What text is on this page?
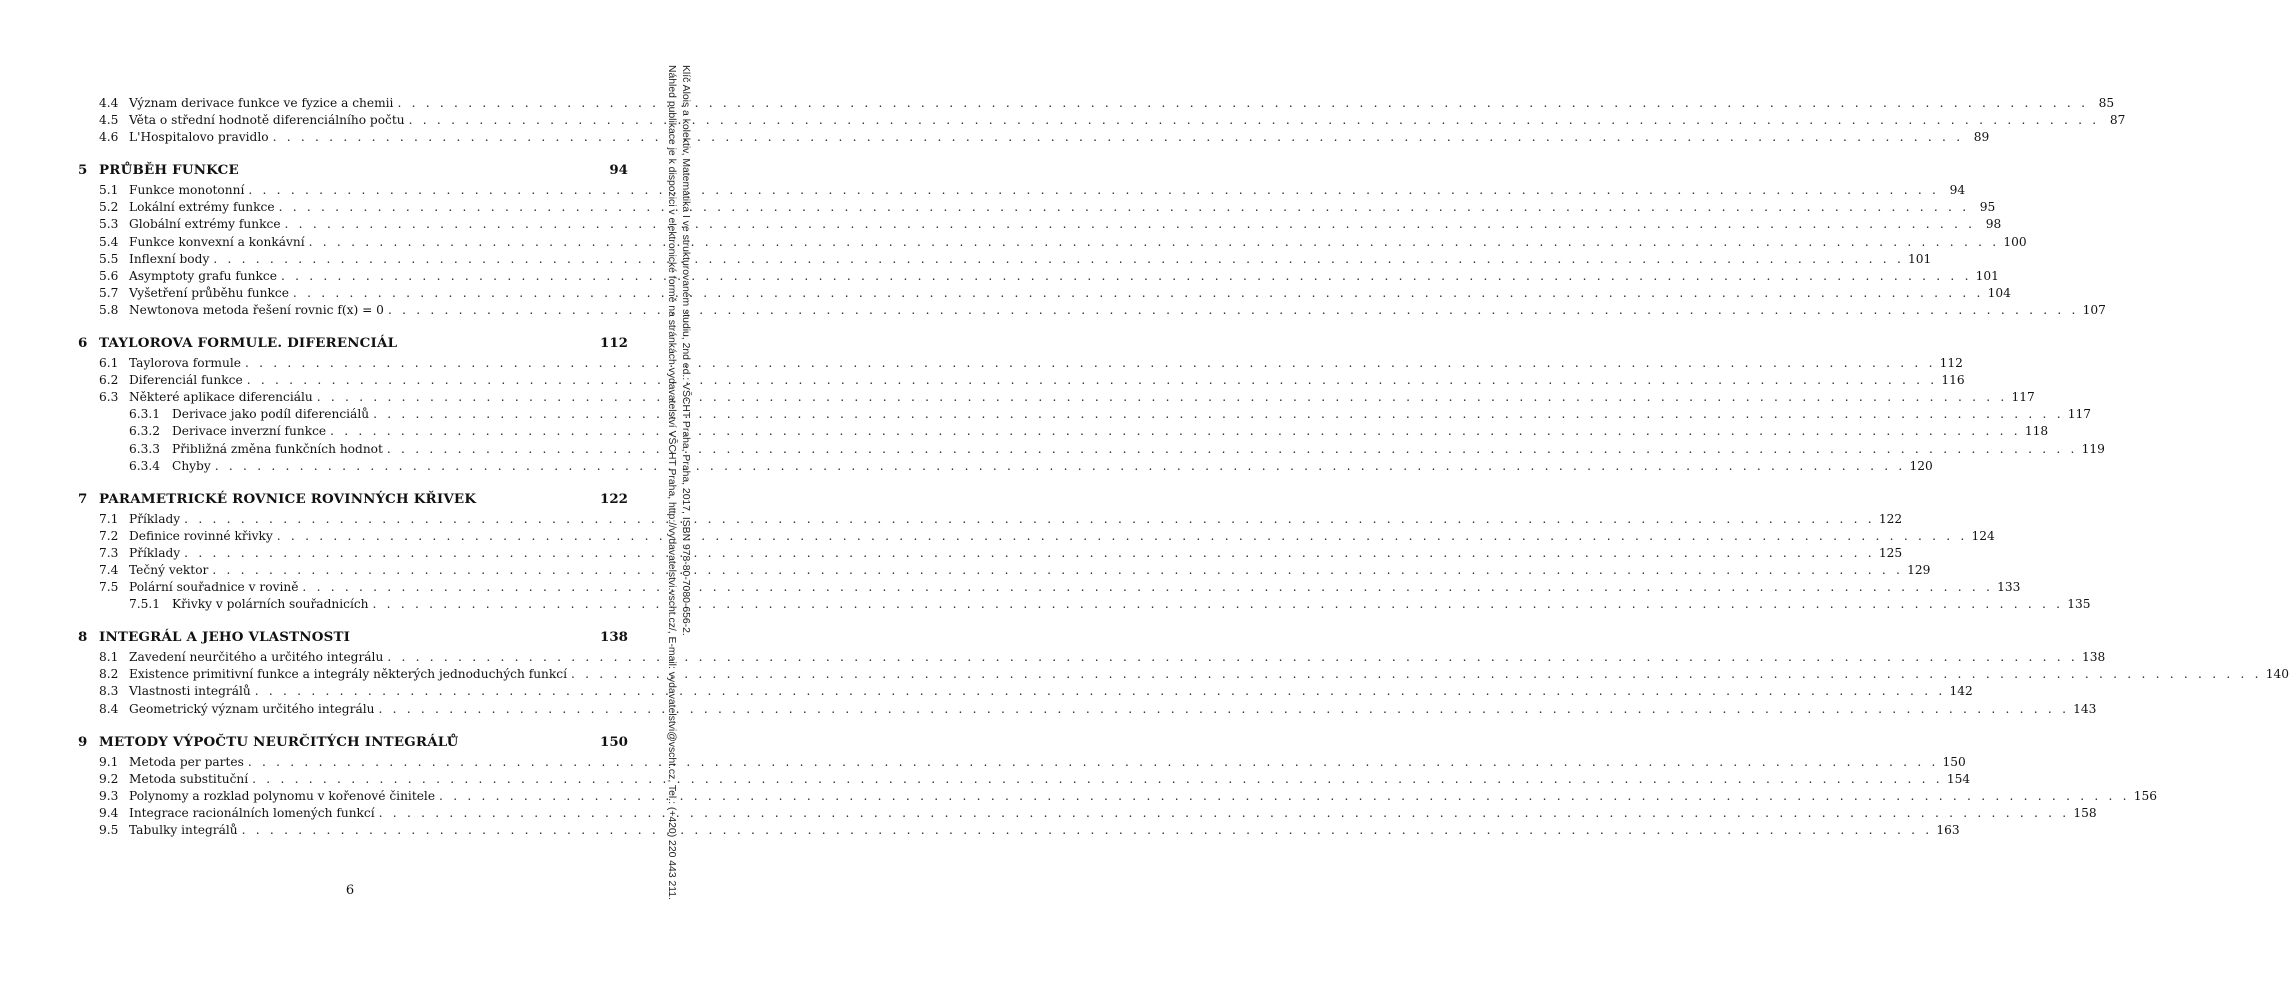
4.4 Význam derivace funkce ve fyzice a chemii . . . . . . . . . . . . . . . . . . . . . . . . . . . . . . . . . . . . . . . . . . . . . . . . . . . . . . . . . . . . . . . . . . . . . . . . . . . . . . . . . . . . . . . . . . . . . . . . . . . . . . . . . . . . . . . . . . . . . . . . 85
4.5 Věta o střední hodnotě diferenciálního počtu . . . . . . . . . . . . . . . . . . . . . . . . . . . . . . . . . . . . . . . . . . . . . . . . . . . . . . . . . . . . . . . . . . . . . . . . . . . . . . . . . . . . . . . . . . . . . . . . . . . . . . . . . . . . . . . . . . . . . . . . 87
4.6 L'Hospitalovo pravidlo . . . . . . . . . . . . . . . . . . . . . . . . . . . . . . . . . . . . . . . . . . . . . . . . . . . . . . . . . . . . . . . . . . . . . . . . . . . . . . . . . . . . . . . . . . . . . . . . . . . . . . . . . . . . . . . . . . . . . . . . 89
5 PRŮBĚH FUNKCE	94
5.1 Funkce monotonní . . . . . . . . . . . . . . . . . . . . . . . . . . . . . . . . . . . . . . . . . . . . . . . . . . . . . . . . . . . . . . . . . . . . . . . . . . . . . . . . . . . . . . . . . . . . . . . . . . . . . . . . . . . . . . . . . . . . . . . . 94
5.2 Lokální extrémy funkce . . . . . . . . . . . . . . . . . . . . . . . . . . . . . . . . . . . . . . . . . . . . . . . . . . . . . . . . . . . . . . . . . . . . . . . . . . . . . . . . . . . . . . . . . . . . . . . . . . . . . . . . . . . . . . . . . . . . . . . . 95
5.3 Globální extrémy funkce . . . . . . . . . . . . . . . . . . . . . . . . . . . . . . . . . . . . . . . . . . . . . . . . . . . . . . . . . . . . . . . . . . . . . . . . . . . . . . . . . . . . . . . . . . . . . . . . . . . . . . . . . . . . . . . . . . . . . . . . 98
5.4 Funkce konvexní a konkávní . . . . . . . . . . . . . . . . . . . . . . . . . . . . . . . . . . . . . . . . . . . . . . . . . . . . . . . . . . . . . . . . . . . . . . . . . . . . . . . . . . . . . . . . . . . . . . . . . . . . . . . . . . . . . . . . . . . . . . . . 100
5.5 Inflexní body . . . . . . . . . . . . . . . . . . . . . . . . . . . . . . . . . . . . . . . . . . . . . . . . . . . . . . . . . . . . . . . . . . . . . . . . . . . . . . . . . . . . . . . . . . . . . . . . . . . . . . . . . . . . . . . . . . . . . . . . 101
5.6 Asymptoty grafu funkce . . . . . . . . . . . . . . . . . . . . . . . . . . . . . . . . . . . . . . . . . . . . . . . . . . . . . . . . . . . . . . . . . . . . . . . . . . . . . . . . . . . . . . . . . . . . . . . . . . . . . . . . . . . . . . . . . . . . . . . . 101
5.7 Vyšetření průběhu funkce . . . . . . . . . . . . . . . . . . . . . . . . . . . . . . . . . . . . . . . . . . . . . . . . . . . . . . . . . . . . . . . . . . . . . . . . . . . . . . . . . . . . . . . . . . . . . . . . . . . . . . . . . . . . . . . . . . . . . . . . 104
5.8 Newtonova metoda řešení rovnic f(x) = 0 . . . . . . . . . . . . . . . . . . . . . . . . . . . . . . . . . . . . . . . . . . . . . . . . . . . . . . . . . . . . . . . . . . . . . . . . . . . . . . . . . . . . . . . . . . . . . . . . . . . . . . . . . . . . . . . . . . . . . . . . 107
6 TAYLOROVA FORMULE. DIFERENCIÁL	112
6.1 Taylorova formule . . . . . . . . . . . . . . . . . . . . . . . . . . . . . . . . . . . . . . . . . . . . . . . . . . . . . . . . . . . . . . . . . . . . . . . . . . . . . . . . . . . . . . . . . . . . . . . . . . . . . . . . . . . . . . . . . . . . . . . . 112
6.2 Diferenciál funkce . . . . . . . . . . . . . . . . . . . . . . . . . . . . . . . . . . . . . . . . . . . . . . . . . . . . . . . . . . . . . . . . . . . . . . . . . . . . . . . . . . . . . . . . . . . . . . . . . . . . . . . . . . . . . . . . . . . . . . . . 116
6.3 Některé aplikace diferenciálu . . . . . . . . . . . . . . . . . . . . . . . . . . . . . . . . . . . . . . . . . . . . . . . . . . . . . . . . . . . . . . . . . . . . . . . . . . . . . . . . . . . . . . . . . . . . . . . . . . . . . . . . . . . . . . . . . . . . . . . . 117
6.3.1 Derivace jako podíl diferenciálů . . . . . . . . . . . . . . . . . . . . . . . . . . . . . . . . . . . . . . . . . . . . . . . . . . . . . . . . . . . . . . . . . . . . . . . . . . . . . . . . . . . . . . . . . . . . . . . . . . . . . . . . . . . . . . . . . . . . . . . . 117
6.3.2 Derivace inverzní funkce . . . . . . . . . . . . . . . . . . . . . . . . . . . . . . . . . . . . . . . . . . . . . . . . . . . . . . . . . . . . . . . . . . . . . . . . . . . . . . . . . . . . . . . . . . . . . . . . . . . . . . . . . . . . . . . . . . . . . . . . 118
6.3.3 Přibližná změna funkčních hodnot . . . . . . . . . . . . . . . . . . . . . . . . . . . . . . . . . . . . . . . . . . . . . . . . . . . . . . . . . . . . . . . . . . . . . . . . . . . . . . . . . . . . . . . . . . . . . . . . . . . . . . . . . . . . . . . . . . . . . . . . 119
6.3.4 Chyby . . . . . . . . . . . . . . . . . . . . . . . . . . . . . . . . . . . . . . . . . . . . . . . . . . . . . . . . . . . . . . . . . . . . . . . . . . . . . . . . . . . . . . . . . . . . . . . . . . . . . . . . . . . . . . . . . . . . . . . . 120
7 PARAMETRICKÉ ROVNICE ROVINNÝCH KŘIVEK	122
7.1 Příklady . . . . . . . . . . . . . . . . . . . . . . . . . . . . . . . . . . . . . . . . . . . . . . . . . . . . . . . . . . . . . . . . . . . . . . . . . . . . . . . . . . . . . . . . . . . . . . . . . . . . . . . . . . . . . . . . . . . . . . . . 122
7.2 Definice rovinné křivky . . . . . . . . . . . . . . . . . . . . . . . . . . . . . . . . . . . . . . . . . . . . . . . . . . . . . . . . . . . . . . . . . . . . . . . . . . . . . . . . . . . . . . . . . . . . . . . . . . . . . . . . . . . . . . . . . . . . . . . . 124
7.3 Příklady . . . . . . . . . . . . . . . . . . . . . . . . . . . . . . . . . . . . . . . . . . . . . . . . . . . . . . . . . . . . . . . . . . . . . . . . . . . . . . . . . . . . . . . . . . . . . . . . . . . . . . . . . . . . . . . . . . . . . . . . 125
7.4 Tečný vektor . . . . . . . . . . . . . . . . . . . . . . . . . . . . . . . . . . . . . . . . . . . . . . . . . . . . . . . . . . . . . . . . . . . . . . . . . . . . . . . . . . . . . . . . . . . . . . . . . . . . . . . . . . . . . . . . . . . . . . . . 129
7.5 Polární souřadnice v rovině . . . . . . . . . . . . . . . . . . . . . . . . . . . . . . . . . . . . . . . . . . . . . . . . . . . . . . . . . . . . . . . . . . . . . . . . . . . . . . . . . . . . . . . . . . . . . . . . . . . . . . . . . . . . . . . . . . . . . . . . 133
7.5.1 Křivky v polárních souřadnicích . . . . . . . . . . . . . . . . . . . . . . . . . . . . . . . . . . . . . . . . . . . . . . . . . . . . . . . . . . . . . . . . . . . . . . . . . . . . . . . . . . . . . . . . . . . . . . . . . . . . . . . . . . . . . . . . . . . . . . . . 135
8 INTEGRÁL A JEHO VLASTNOSTI	138
8.1 Zavedení neurčitého a určitého integrálu . . . . . . . . . . . . . . . . . . . . . . . . . . . . . . . . . . . . . . . . . . . . . . . . . . . . . . . . . . . . . . . . . . . . . . . . . . . . . . . . . . . . . . . . . . . . . . . . . . . . . . . . . . . . . . . . . . . . . . . . 138
8.2 Existence primitivní funkce a integrály některých jednoduchých funkcí . . . . . . . . . . . . . . . . . . . . . . . . . . . . . . . . . . . . . . . . . . . . . . . . . . . . . . . . . . . . . . . . . . . . . . . . . . . . . . . . . . . . . . . . . . . . . . . . . . . . . . . . . . . . . . . . . . . . . . . . 140
8.3 Vlastnosti integrálů . . . . . . . . . . . . . . . . . . . . . . . . . . . . . . . . . . . . . . . . . . . . . . . . . . . . . . . . . . . . . . . . . . . . . . . . . . . . . . . . . . . . . . . . . . . . . . . . . . . . . . . . . . . . . . . . . . . . . . . . 142
8.4 Geometrický význam určitého integrálu . . . . . . . . . . . . . . . . . . . . . . . . . . . . . . . . . . . . . . . . . . . . . . . . . . . . . . . . . . . . . . . . . . . . . . . . . . . . . . . . . . . . . . . . . . . . . . . . . . . . . . . . . . . . . . . . . . . . . . . . 143
9 METODY VÝPOČTU NEURČITÝCH INTEGRÁLŮ	150
9.1 Metoda per partes . . . . . . . . . . . . . . . . . . . . . . . . . . . . . . . . . . . . . . . . . . . . . . . . . . . . . . . . . . . . . . . . . . . . . . . . . . . . . . . . . . . . . . . . . . . . . . . . . . . . . . . . . . . . . . . . . . . . . . . . 150
9.2 Metoda substituční . . . . . . . . . . . . . . . . . . . . . . . . . . . . . . . . . . . . . . . . . . . . . . . . . . . . . . . . . . . . . . . . . . . . . . . . . . . . . . . . . . . . . . . . . . . . . . . . . . . . . . . . . . . . . . . . . . . . . . . . 154
9.3 Polynomy a rozklad polynomu v kořenové činitele . . . . . . . . . . . . . . . . . . . . . . . . . . . . . . . . . . . . . . . . . . . . . . . . . . . . . . . . . . . . . . . . . . . . . . . . . . . . . . . . . . . . . . . . . . . . . . . . . . . . . . . . . . . . . . . . . . . . . . . . 156
9.4 Integrace racionálních lomených funkcí . . . . . . . . . . . . . . . . . . . . . . . . . . . . . . . . . . . . . . . . . . . . . . . . . . . . . . . . . . . . . . . . . . . . . . . . . . . . . . . . . . . . . . . . . . . . . . . . . . . . . . . . . . . . . . . . . . . . . . . . 158
9.5 Tabulky integrálů . . . . . . . . . . . . . . . . . . . . . . . . . . . . . . . . . . . . . . . . . . . . . . . . . . . . . . . . . . . . . . . . . . . . . . . . . . . . . . . . . . . . . . . . . . . . . . . . . . . . . . . . . . . . . . . . . . . . . . . . 163
6
Klíč Alois a kolektiv, Matematika I ve strukturovaném studiu, 2nd ed.: VŠCHT Praha, Praha, 2017, ISBN 978-80-7080-656-2.
Náhled publikace je k dispozici v elektronické formě na stránkách vydavatelství VŠCHT Praha, http://vydavatelstvi.vscht.cz/, E-mail: vydavatelstvi@vscht.cz, Tel.: (+420) 220 443 211.
